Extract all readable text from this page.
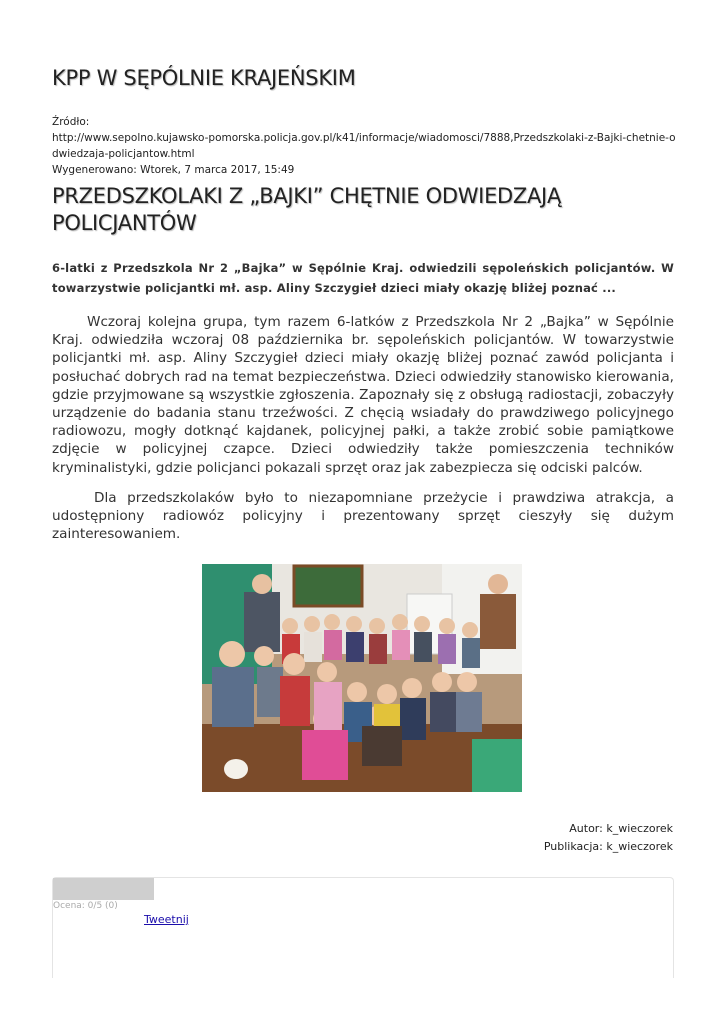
KPP W SĘPÓLNIE KRAJEŃSKIM
Źródło:
http://www.sepolno.kujawsko-pomorska.policja.gov.pl/k41/informacje/wiadomosci/7888,Przedszkolaki-z-Bajki-chetnie-odwiedzaja-policjantow.html
Wygenerowano: Wtorek, 7 marca 2017, 15:49
PRZEDSZKOLAKI Z „BAJKI” CHĘTNIE ODWIEDZAJĄ POLICJANTÓW

6-latki z Przedszkola Nr 2 „Bajka” w Sępólnie Kraj. odwiedzili sępoleńskich policjantów. W towarzystwie policjantki mł. asp. Aliny Szczygieł dzieci miały okazję bliżej poznać ...

Wczoraj kolejna grupa, tym razem 6-latków z Przedszkola Nr 2 „Bajka” w Sępólnie Kraj. odwiedziła wczoraj 08 października br. sępoleńskich policjantów. W towarzystwie policjantki mł. asp. Aliny Szczygieł dzieci miały okazję bliżej poznać zawód policjanta i posłuchać dobrych rad na temat bezpieczeństwa. Dzieci odwiedziły stanowisko kierowania, gdzie przyjmowane są wszystkie zgłoszenia. Zapoznały się z obsługą radiostacji, zobaczyły urządzenie do badania stanu trzeźwości. Z chęcią wsiadały do prawdziwego policyjnego radiowozu, mogły dotknąć kajdanek, policyjnej pałki, a także zrobić sobie pamiątkowe zdjęcie w policyjnej czapce. Dzieci odwiedziły także pomieszczenia techników kryminalistyki, gdzie policjanci pokazali sprzęt oraz jak zabezpiecza się odciski palców.

Dla przedszkolaków było to niezapomniane przeżycie i prawdziwa atrakcja, a udostępniony radiowóz policyjny i prezentowany sprzęt cieszyły się dużym zainteresowaniem.

Autor: k_wieczorek
Publikacja: k_wieczorek
Ocena: 0/5 (0)
Tweetnij
